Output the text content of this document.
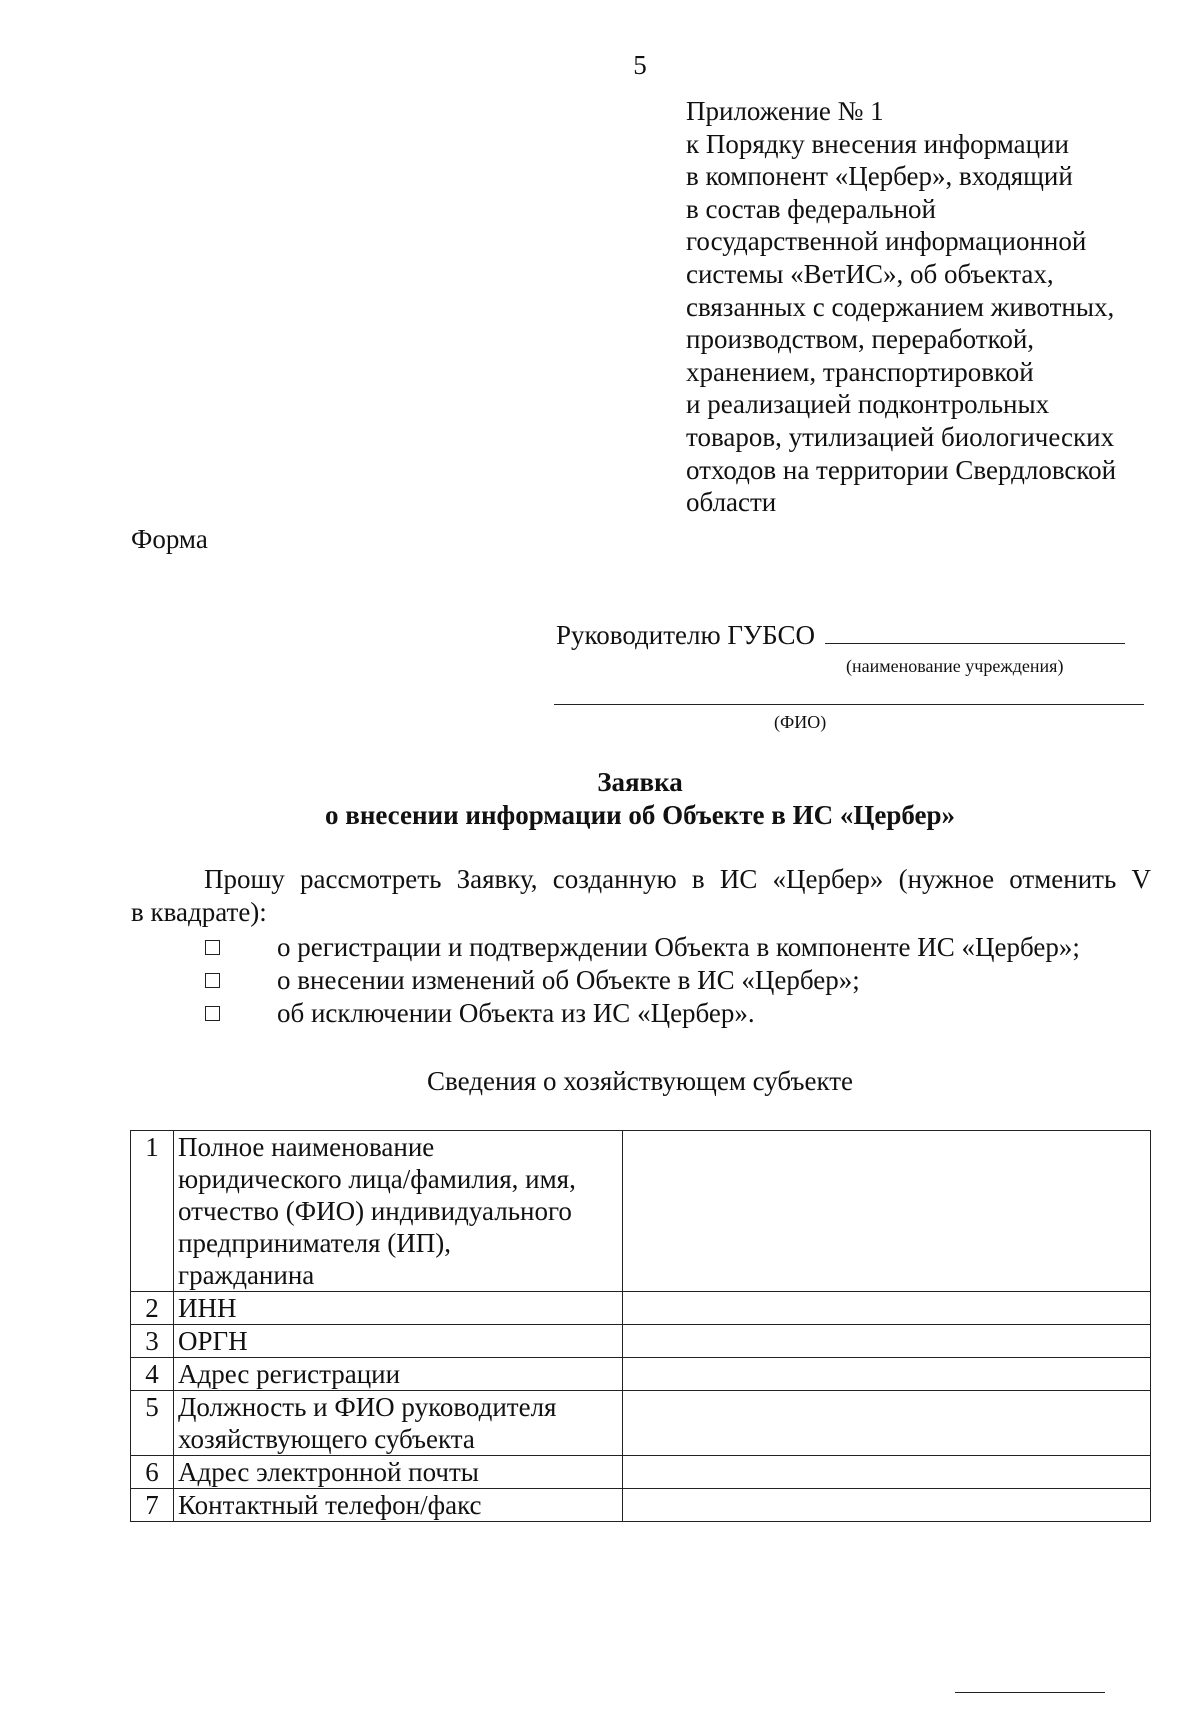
5
Приложение № 1
к Порядку внесения информации
в компонент «Цербер», входящий
в состав федеральной
государственной информационной
системы «ВетИС», об объектах,
связанных с содержанием животных,
производством, переработкой,
хранением, транспортировкой
и реализацией подконтрольных
товаров, утилизацией биологических
отходов на территории Свердловской
области
Форма
Руководителю ГУБСО
(наименование учреждения)
(ФИО)
Заявка
о внесении информации об Объекте в ИС «Цербер»
Прошу рассмотреть Заявку, созданную в ИС «Цербер» (нужное отменить V
в квадрате):
о регистрации и подтверждении Объекта в компоненте ИС «Цербер»;
о внесении изменений об Объекте в ИС «Цербер»;
об исключении Объекта из ИС «Цербер».
Сведения о хозяйствующем субъекте
1	Полное наименование
юридического лица/фамилия, имя,
отчество (ФИО) индивидуального
предпринимателя (ИП),
гражданина	

2	ИНН	

3	ОРГН	

4	Адрес регистрации	

5	Должность и ФИО руководителя
хозяйствующего субъекта	

6	Адрес электронной почты	

7	Контактный телефон/факс	
